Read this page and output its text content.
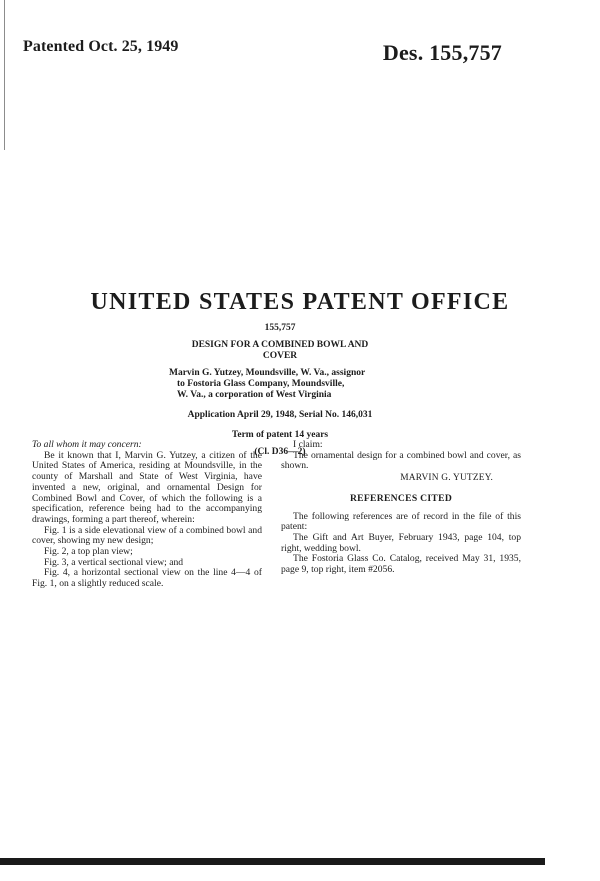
Patented Oct. 25, 1949	Des. 155,757
UNITED STATES PATENT OFFICE
155,757
DESIGN FOR A COMBINED BOWL AND
COVER
Marvin G. Yutzey, Moundsville, W. Va., assignor
to Fostoria Glass Company, Moundsville,
W. Va., a corporation of West Virginia
Application April 29, 1948, Serial No. 146,031
Term of patent 14 years
(Cl. D36—2)

To all whom it may concern:

Be it known that I, Marvin G. Yutzey, a citizen of the United States of America, residing at Moundsville, in the county of Marshall and State of West Virginia, have invented a new, original, and ornamental Design for Combined Bowl and Cover, of which the following is a specification, reference being had to the accompanying drawings, forming a part thereof, wherein:

Fig. 1 is a side elevational view of a combined bowl and cover, showing my new design;

Fig. 2, a top plan view;

Fig. 3, a vertical sectional view; and

Fig. 4, a horizontal sectional view on the line 4—4 of Fig. 1, on a slightly reduced scale.

I claim:

The ornamental design for a combined bowl and cover, as shown.

MARVIN G. YUTZEY.
REFERENCES CITED

The following references are of record in the file of this patent:

The Gift and Art Buyer, February 1943, page 104, top right, wedding bowl.

The Fostoria Glass Co. Catalog, received May 31, 1935, page 9, top right, item #2056.
